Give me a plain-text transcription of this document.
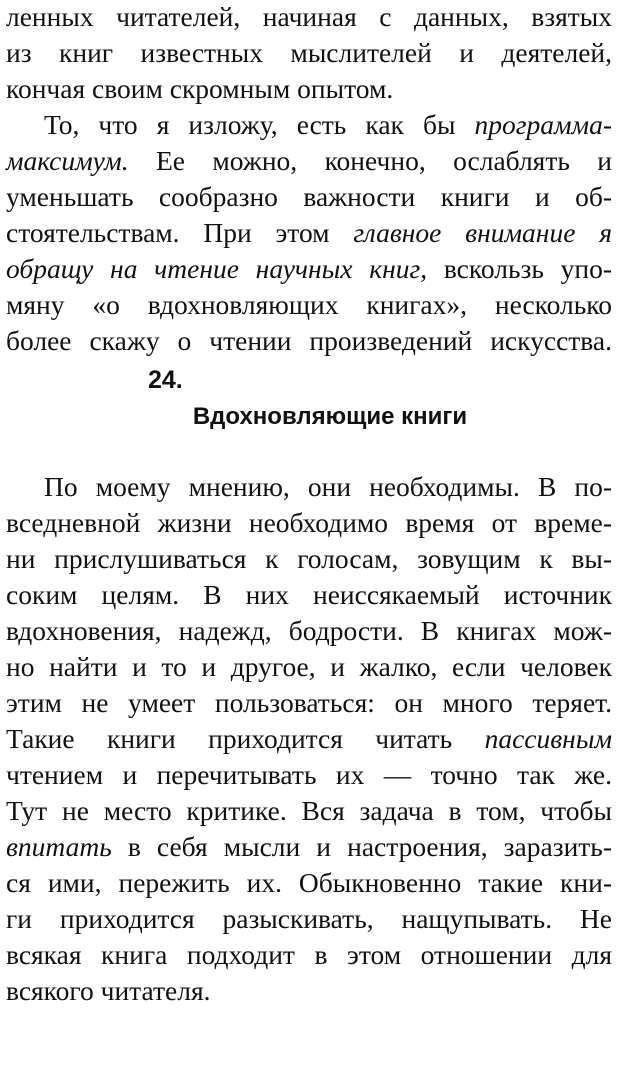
ленных читателей, начиная с данных, взятых
из книг известных мыслителей и деятелей,
кончая своим скромным опытом.
То, что я изложу, есть как бы программа-
максимум. Ее можно, конечно, ослаблять и
уменьшать сообразно важности книги и об-
стоятельствам. При этом главное внимание я
обращу на чтение научных книг, вскользь упо-
мяну «о вдохновляющих книгах», несколько
более скажу о чтении произведений искусства.
24.
Вдохновляющие книги
По моему мнению, они необходимы. В по-
вседневной жизни необходимо время от време-
ни прислушиваться к голосам, зовущим к вы-
соким целям. В них неиссякаемый источник
вдохновения, надежд, бодрости. В книгах мож-
но найти и то и другое, и жалко, если человек
этим не умеет пользоваться: он много теряет.
Такие книги приходится читать пассивным
чтением и перечитывать их — точно так же.
Тут не место критике. Вся задача в том, чтобы
впитать в себя мысли и настроения, заразить-
ся ими, пережить их. Обыкновенно такие кни-
ги приходится разыскивать, нащупывать. Не
всякая книга подходит в этом отношении для
всякого читателя.
